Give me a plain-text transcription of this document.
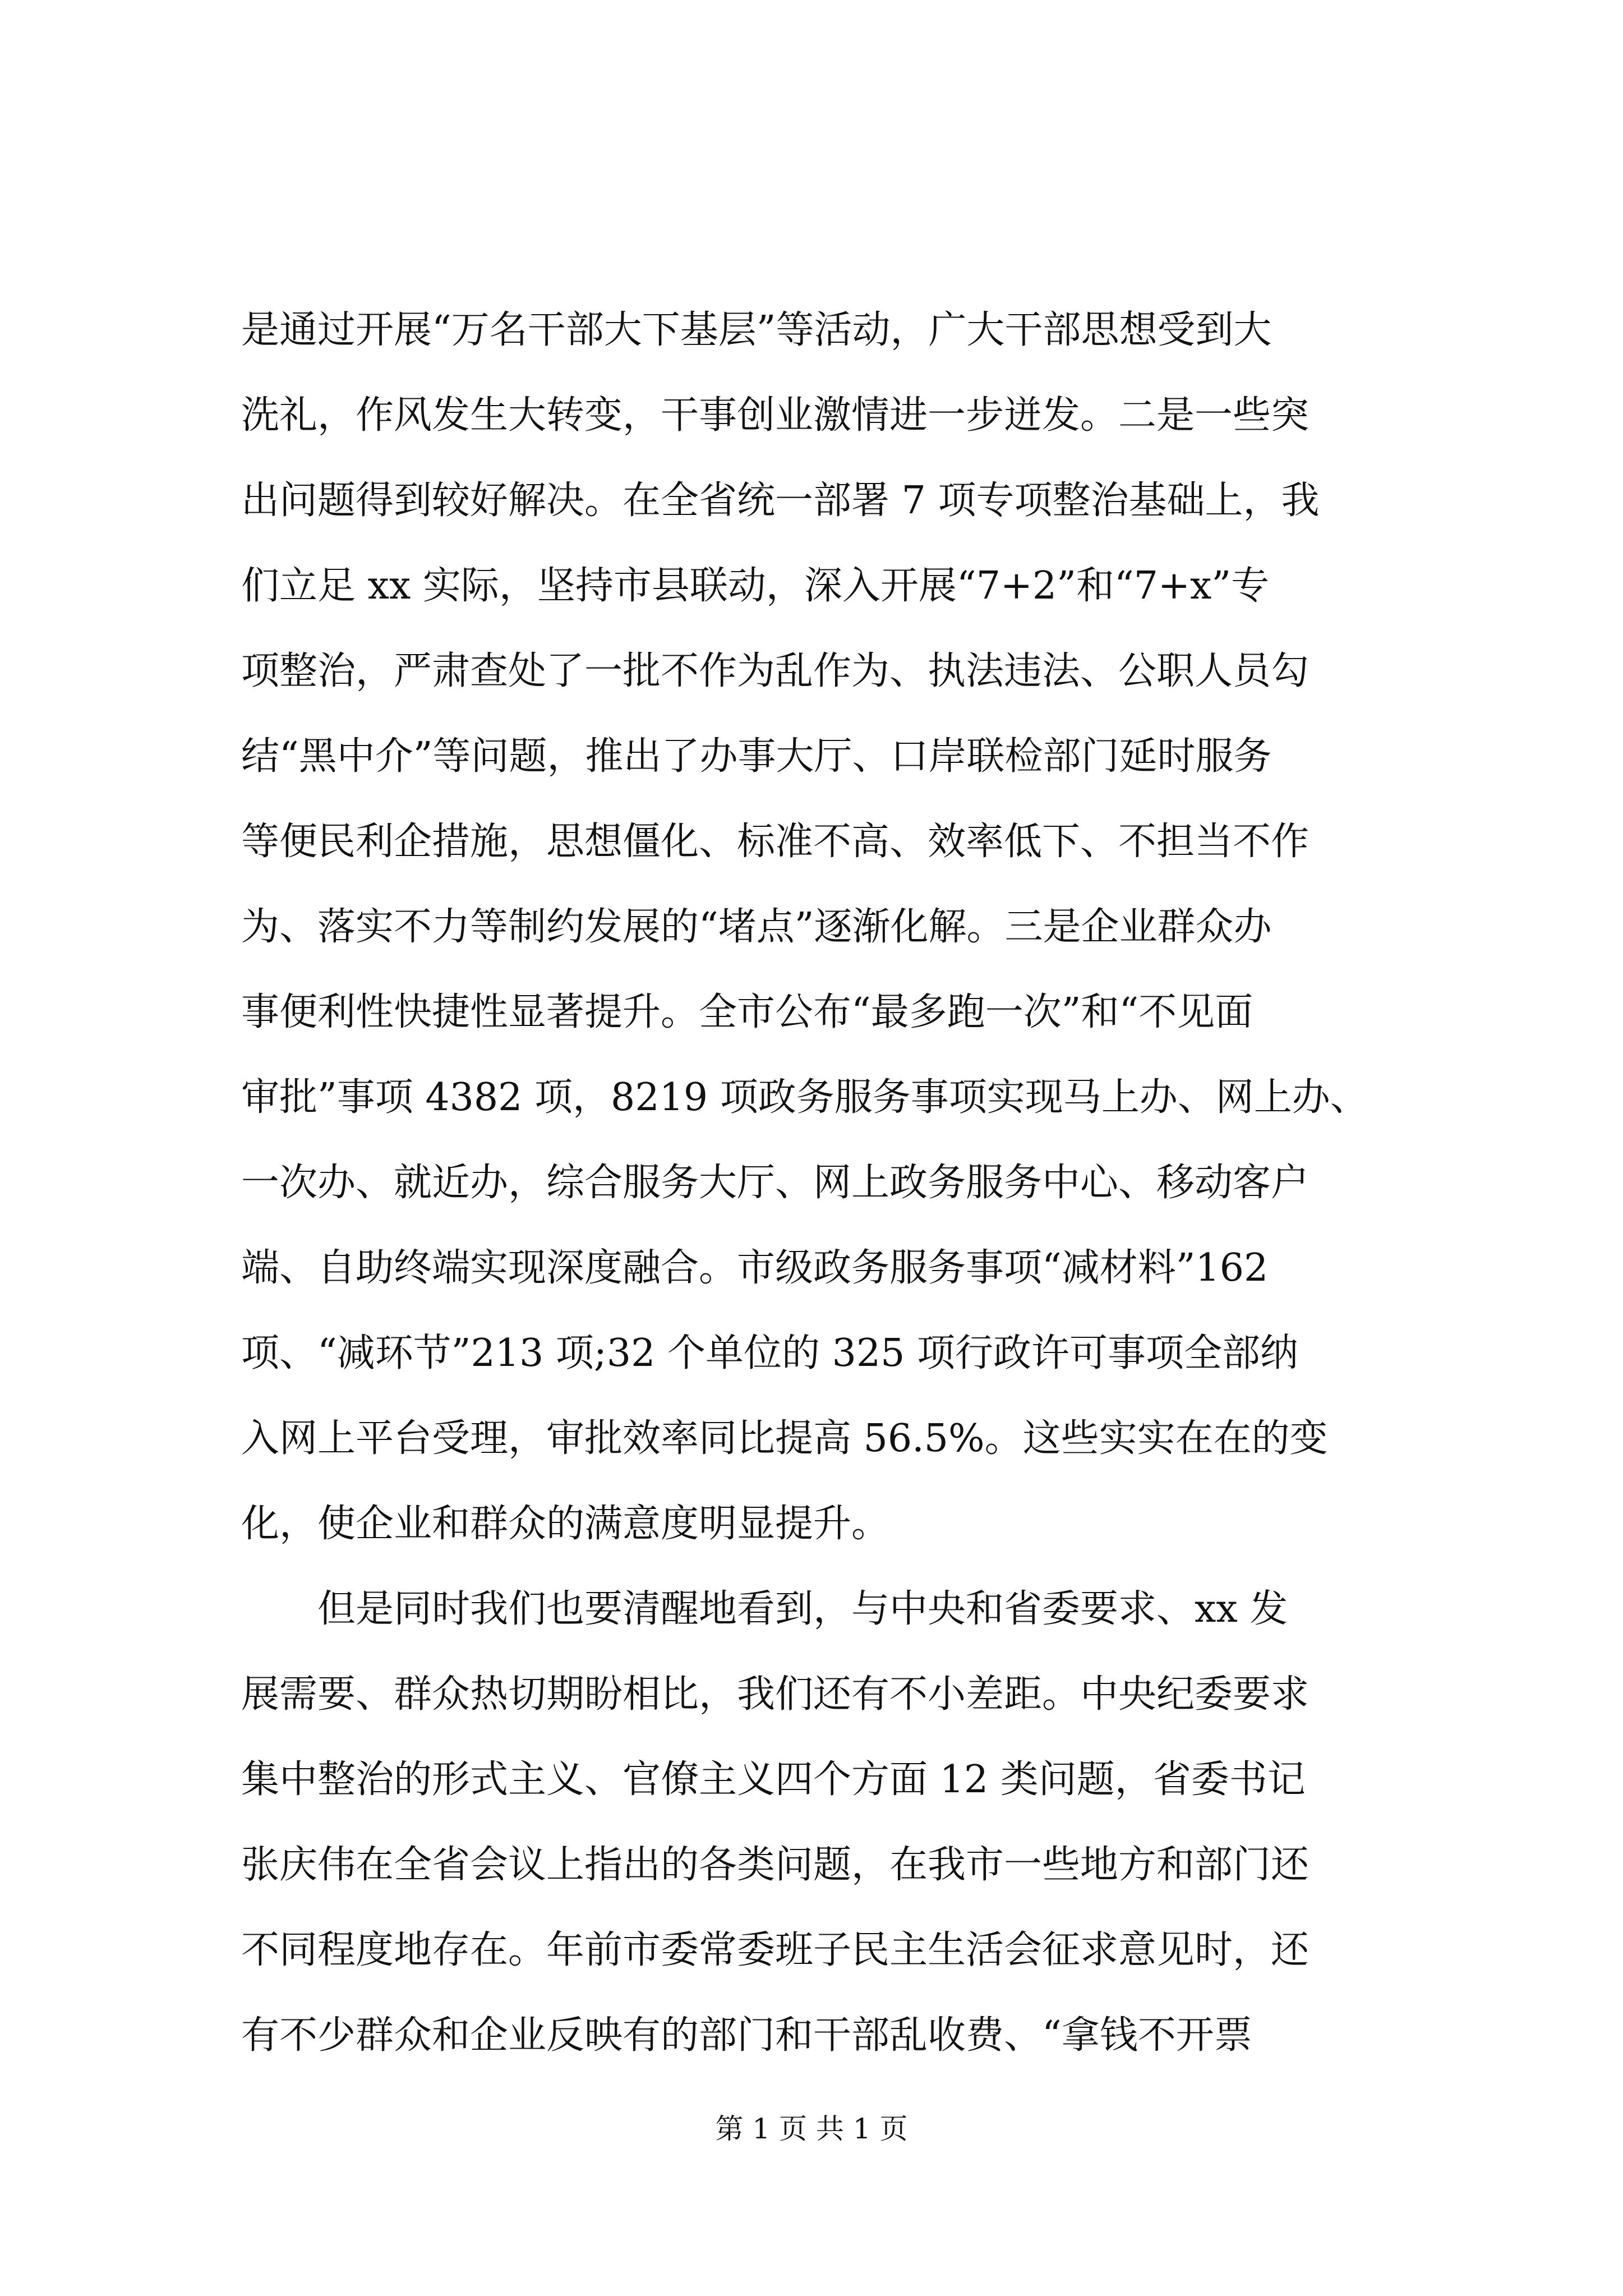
是通过开展“万名干部大下基层”等活动，广大干部思想受到大
洗礼，作风发生大转变，干事创业激情进一步迸发。二是一些突
出问题得到较好解决。在全省统一部署 7 项专项整治基础上，我
们立足 xx 实际，坚持市县联动，深入开展“7+2”和“7+x”专
项整治，严肃查处了一批不作为乱作为、执法违法、公职人员勾
结“黑中介”等问题，推出了办事大厅、口岸联检部门延时服务
等便民利企措施，思想僵化、标准不高、效率低下、不担当不作
为、落实不力等制约发展的“堵点”逐渐化解。三是企业群众办
事便利性快捷性显著提升。全市公布“最多跑一次”和“不见面
审批”事项 4382 项，8219 项政务服务事项实现马上办、网上办、
一次办、就近办，综合服务大厅、网上政务服务中心、移动客户
端、自助终端实现深度融合。市级政务服务事项“减材料”162
项、“减环节”213 项;32 个单位的 325 项行政许可事项全部纳
入网上平台受理，审批效率同比提高 56.5%。这些实实在在的变
化，使企业和群众的满意度明显提升。
但是同时我们也要清醒地看到，与中央和省委要求、xx 发
展需要、群众热切期盼相比，我们还有不小差距。中央纪委要求
集中整治的形式主义、官僚主义四个方面 12 类问题，省委书记
张庆伟在全省会议上指出的各类问题，在我市一些地方和部门还
不同程度地存在。年前市委常委班子民主生活会征求意见时，还
有不少群众和企业反映有的部门和干部乱收费、“拿钱不开票
第 1 页 共 1 页
